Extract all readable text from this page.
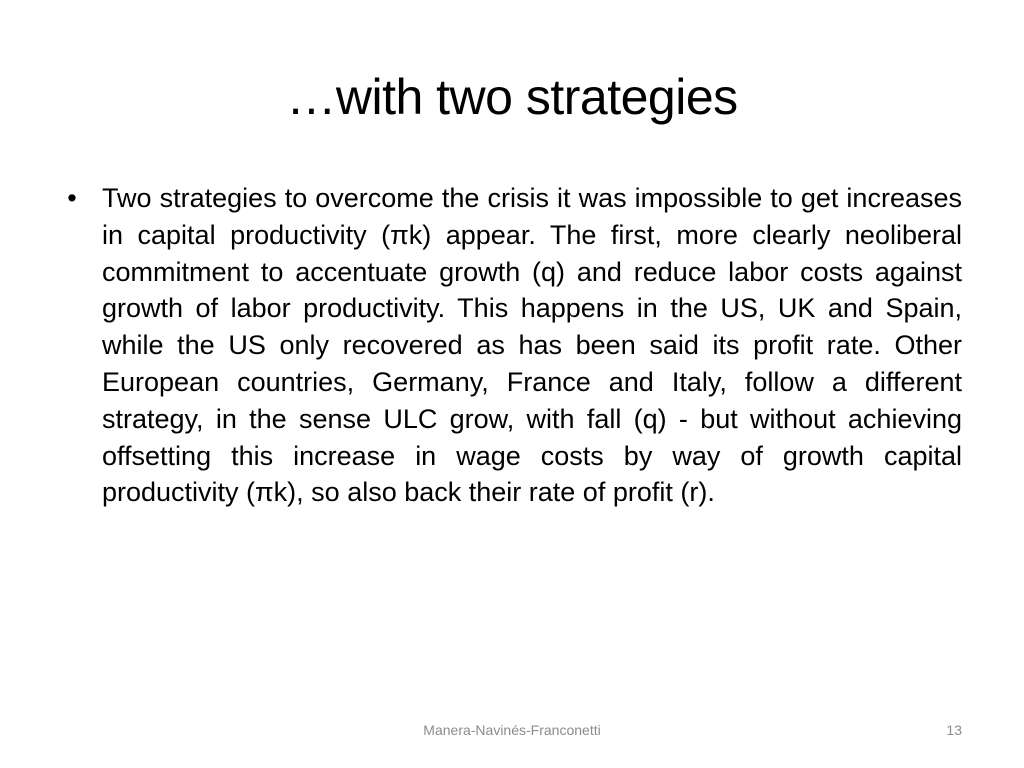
…with two strategies
• Two strategies to overcome the crisis it was impossible to get increases in capital productivity (πk) appear. The first, more clearly neoliberal commitment to accentuate growth (q) and reduce labor costs against growth of labor productivity. This happens in the US, UK and Spain, while the US only recovered as has been said its profit rate. Other European countries, Germany, France and Italy, follow a different strategy, in the sense ULC grow, with fall (q) - but without achieving offsetting this increase in wage costs by way of growth capital productivity (πk), so also back their rate of profit (r).
Manera-Navinés-Franconetti	13
